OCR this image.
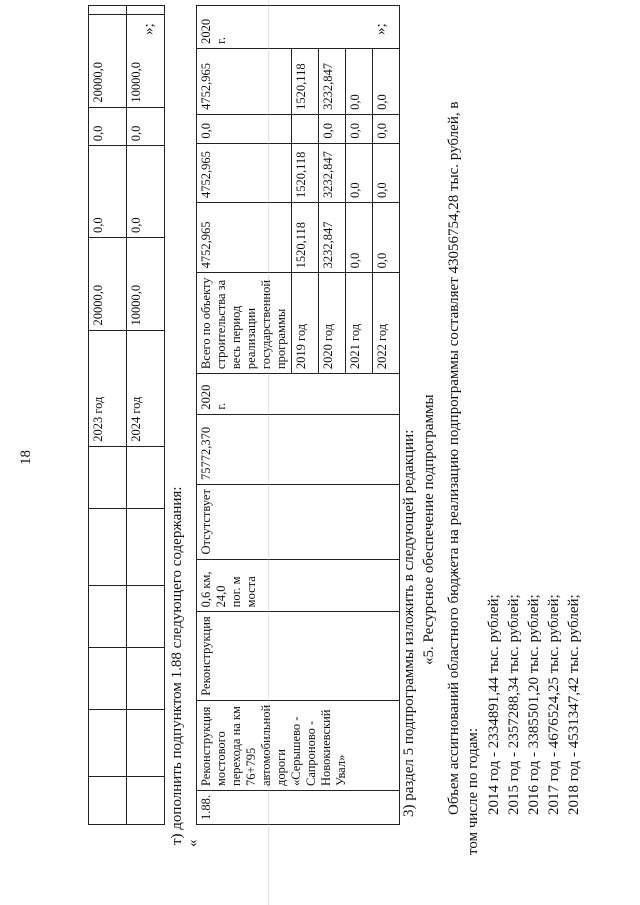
18
						2023 год	20000,0	0,0	0,0	20000,0	
						2024 год	10000,0	0,0	0,0	10000,0	
»;
т) дополнить подпунктом 1.88 следующего содержания: «
1.88.	Реконструкция мостового перехода на км 76+795 автомобильной дороги «Серышево - Сапроново - Новокиевский Увал»	Реконструкция	0,6 км, 24,0 пог. м моста	Отсутствует	75772,370	2020 г.	Всего по объекту строительства за весь период реализации государственной программы	4752,965	4752,965	0,0	4752,965	2020 г.
							2019 год	1520,118	1520,118		1520,118	
							2020 год	3232,847	3232,847	0,0	3232,847	
							2021 год	0,0	0,0	0,0	0,0	
							2022 год	0,0	0,0	0,0	0,0	
»;
3) раздел 5 подпрограммы изложить в следующей редакции: «5. Ресурсное обеспечение подпрограммы Объем ассигнований областного бюджета на реализацию подпрограммы составляет 43056754,28 тыс. рублей, в том числе по годам: 2014 год - 2334891,44 тыс. рублей; 2015 год - 2357288,34 тыс. рублей; 2016 год - 3385501,20 тыс. рублей; 2017 год - 4676524,25 тыс. рублей; 2018 год - 4531347,42 тыс. рублей;
